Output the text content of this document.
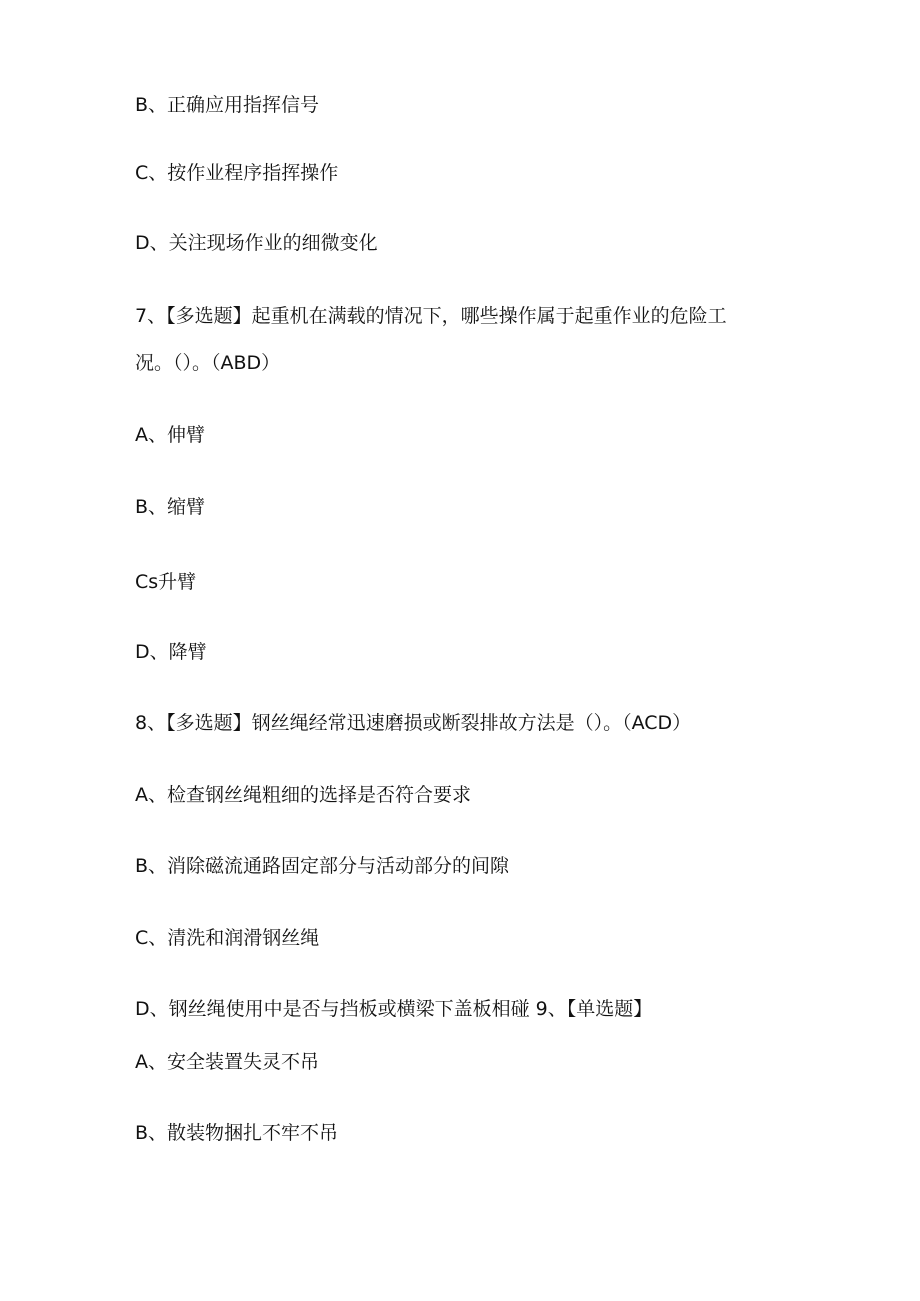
B、正确应用指挥信号
C、按作业程序指挥操作
D、关注现场作业的细微变化
7、【多选题】起重机在满载的情况下，哪些操作属于起重作业的危险工
况。（）。（ABD）
A、伸臂
B、缩臂
Cs升臂
D、降臂
8、【多选题】钢丝绳经常迅速磨损或断裂排故方法是（）。（ACD）
A、检查钢丝绳粗细的选择是否符合要求
B、消除磁流通路固定部分与活动部分的间隙
C、清洗和润滑钢丝绳
D、钢丝绳使用中是否与挡板或横梁下盖板相碰 9、【单选题】
A、安全装置失灵不吊
B、散装物捆扎不牢不吊
